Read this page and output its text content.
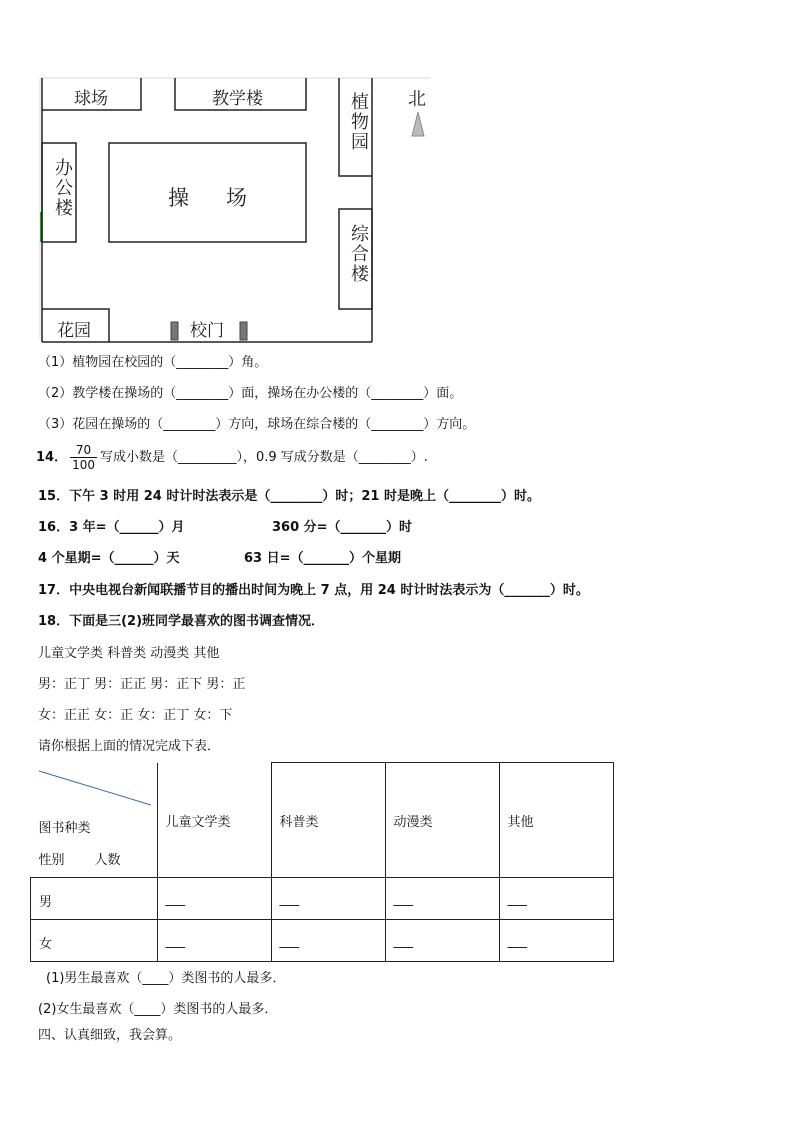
球场	教学楼	植物园 北
办公楼	操 场
综合楼
花园	校门
（1）植物园在校园的（________）角。
（2）教学楼在操场的（________）面，操场在办公楼的（________）面。
（3）花园在操场的（________）方向，球场在综合楼的（________）方向。
14． $\frac{70}{100}$ 写成小数是（_________），0.9 写成分数是（________）.
15．下午 3 时用 24 时计时法表示是（________）时；21 时是晚上（________）时。
16．3 年=（______）月	360 分=（_______）时
4 个星期=（______）天	63 日=（_______）个星期
17．中央电视台新闻联播节目的播出时间为晚上 7 点，用 24 时计时法表示为（_______）时。
18．下面是三(2)班同学最喜欢的图书调查情况．
儿童文学类 科普类 动漫类 其他
男：正丁 男：正正 男：正下 男：正
女：正正 女：正 女：正丁 女：下
请你根据上面的情况完成下表．
图书种类
性别 人数	儿童文学类	科普类	动漫类	其他

男	___	___	___	___

女	___	___	___	___
(1)男生最喜欢（____）类图书的人最多．
(2)女生最喜欢（____）类图书的人最多．
四、认真细致，我会算。
